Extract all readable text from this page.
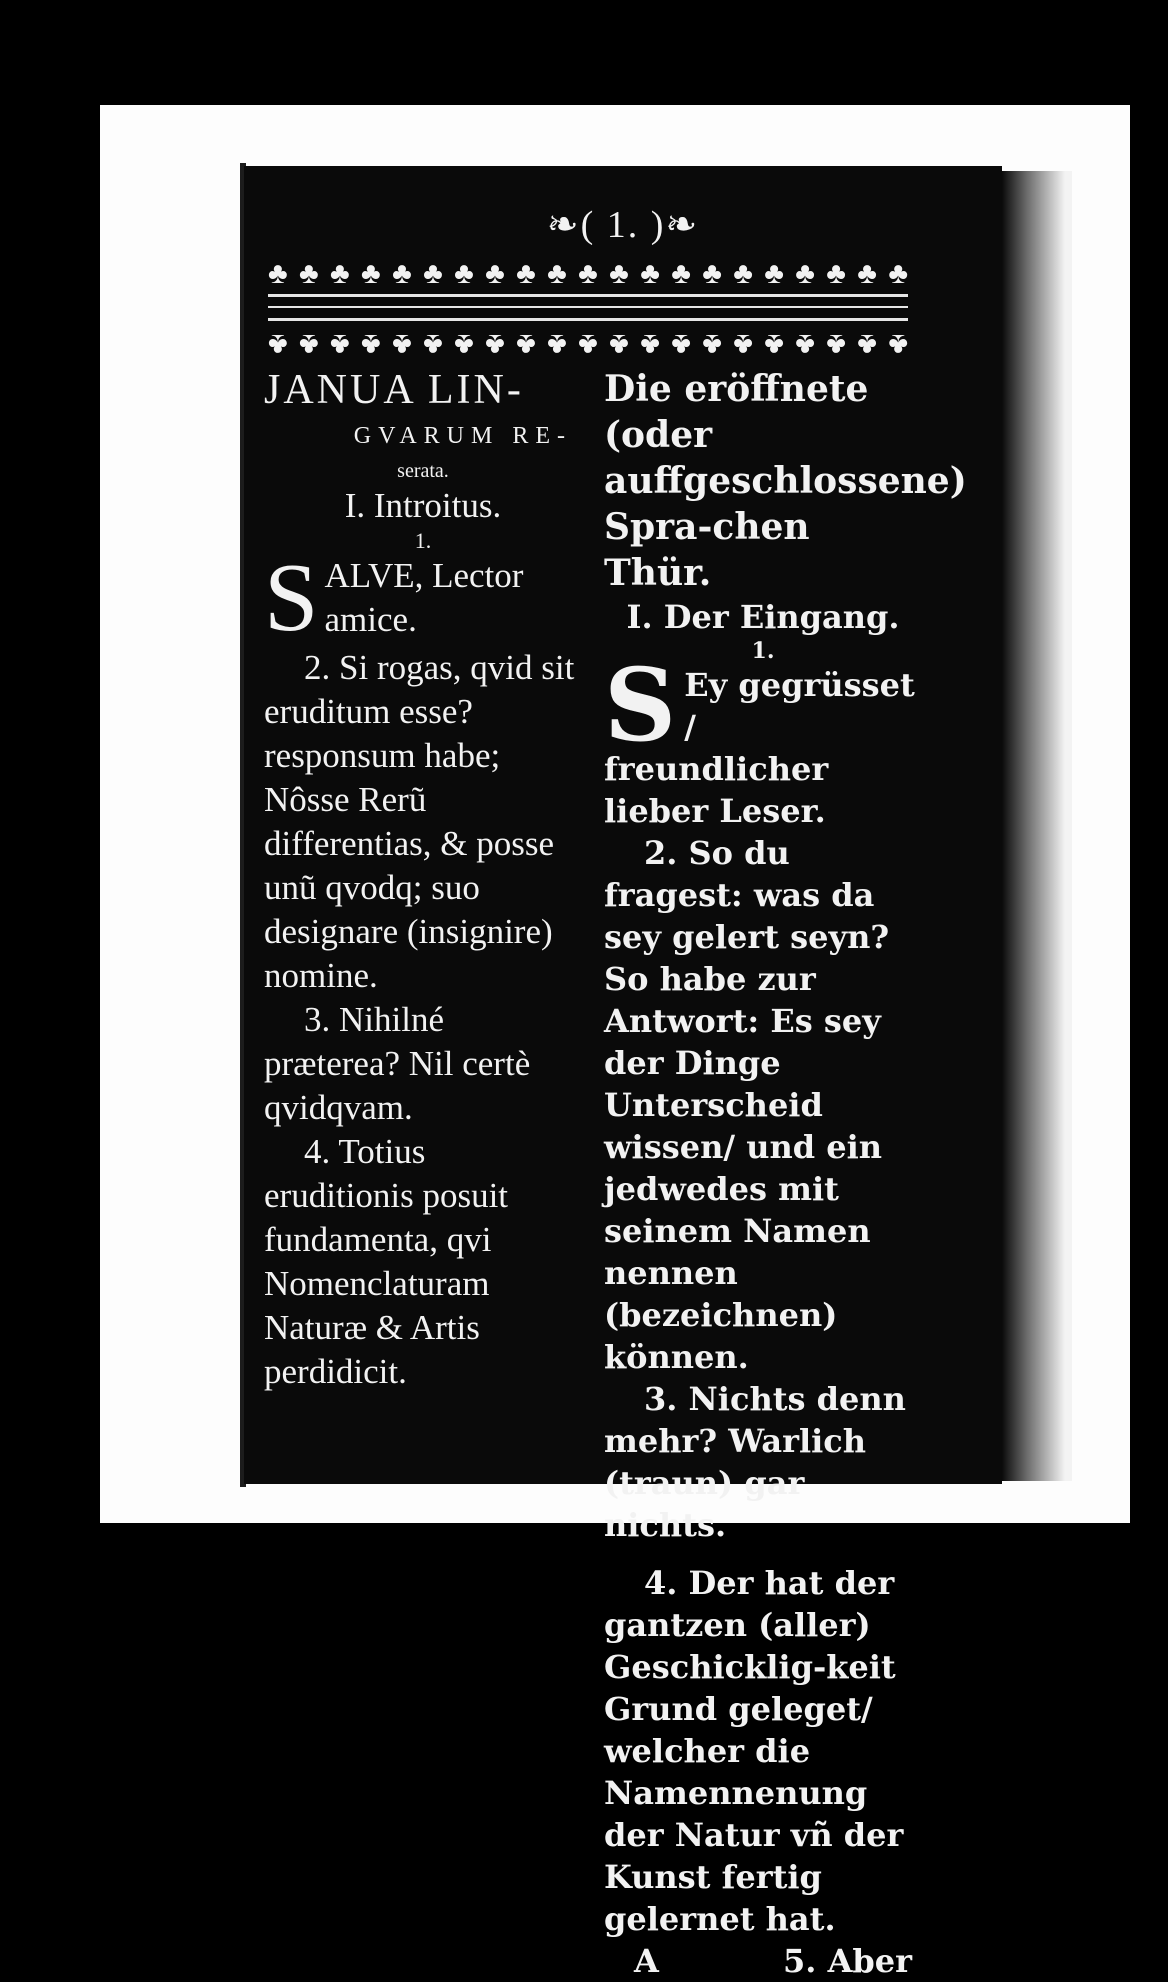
❧( 1. )❧
♣ ♣ ♣ ♣ ♣ ♣ ♣ ♣ ♣ ♣ ♣ ♣ ♣ ♣ ♣ ♣ ♣ ♣ ♣ ♣ ♣
♣ ♣ ♣ ♣ ♣ ♣ ♣ ♣ ♣ ♣ ♣ ♣ ♣ ♣ ♣ ♣ ♣ ♣ ♣ ♣ ♣
JANUA LIN-
GVARUM RE-
serata.
I. Introitus.
1.
S ALVE, Lector amice.

2. Si rogas, qvid sit eruditum esse? responsum habe; Nôsse Rerũ differentias, & posse unũ qvodq; suo designare (insignire) nomine.

3. Nihilné præterea? Nil certè qvidqvam.

4. Totius eruditionis posuit fundamenta, qvi Nomenclaturam Naturæ & Artis perdidicit.

Die eröffnete (oder auffgeschlossene) Spra-chen Thür.
I. Der Eingang.
1.
S Ey gegrüsset / freundlicher lieber Leser.

2. So du fragest: was da sey gelert seyn? So habe zur Antwort: Es sey der Dinge Unterscheid wissen/ und ein jedwedes mit seinem Namen nennen (bezeichnen) können.

3. Nichts denn mehr? Warlich (traun) gar nichts.

4. Der hat der gantzen (aller) Geschicklig-keit Grund geleget/ welcher die Namennenung der Natur vñ der Kunst fertig gelernet hat.

A	5. Aber
